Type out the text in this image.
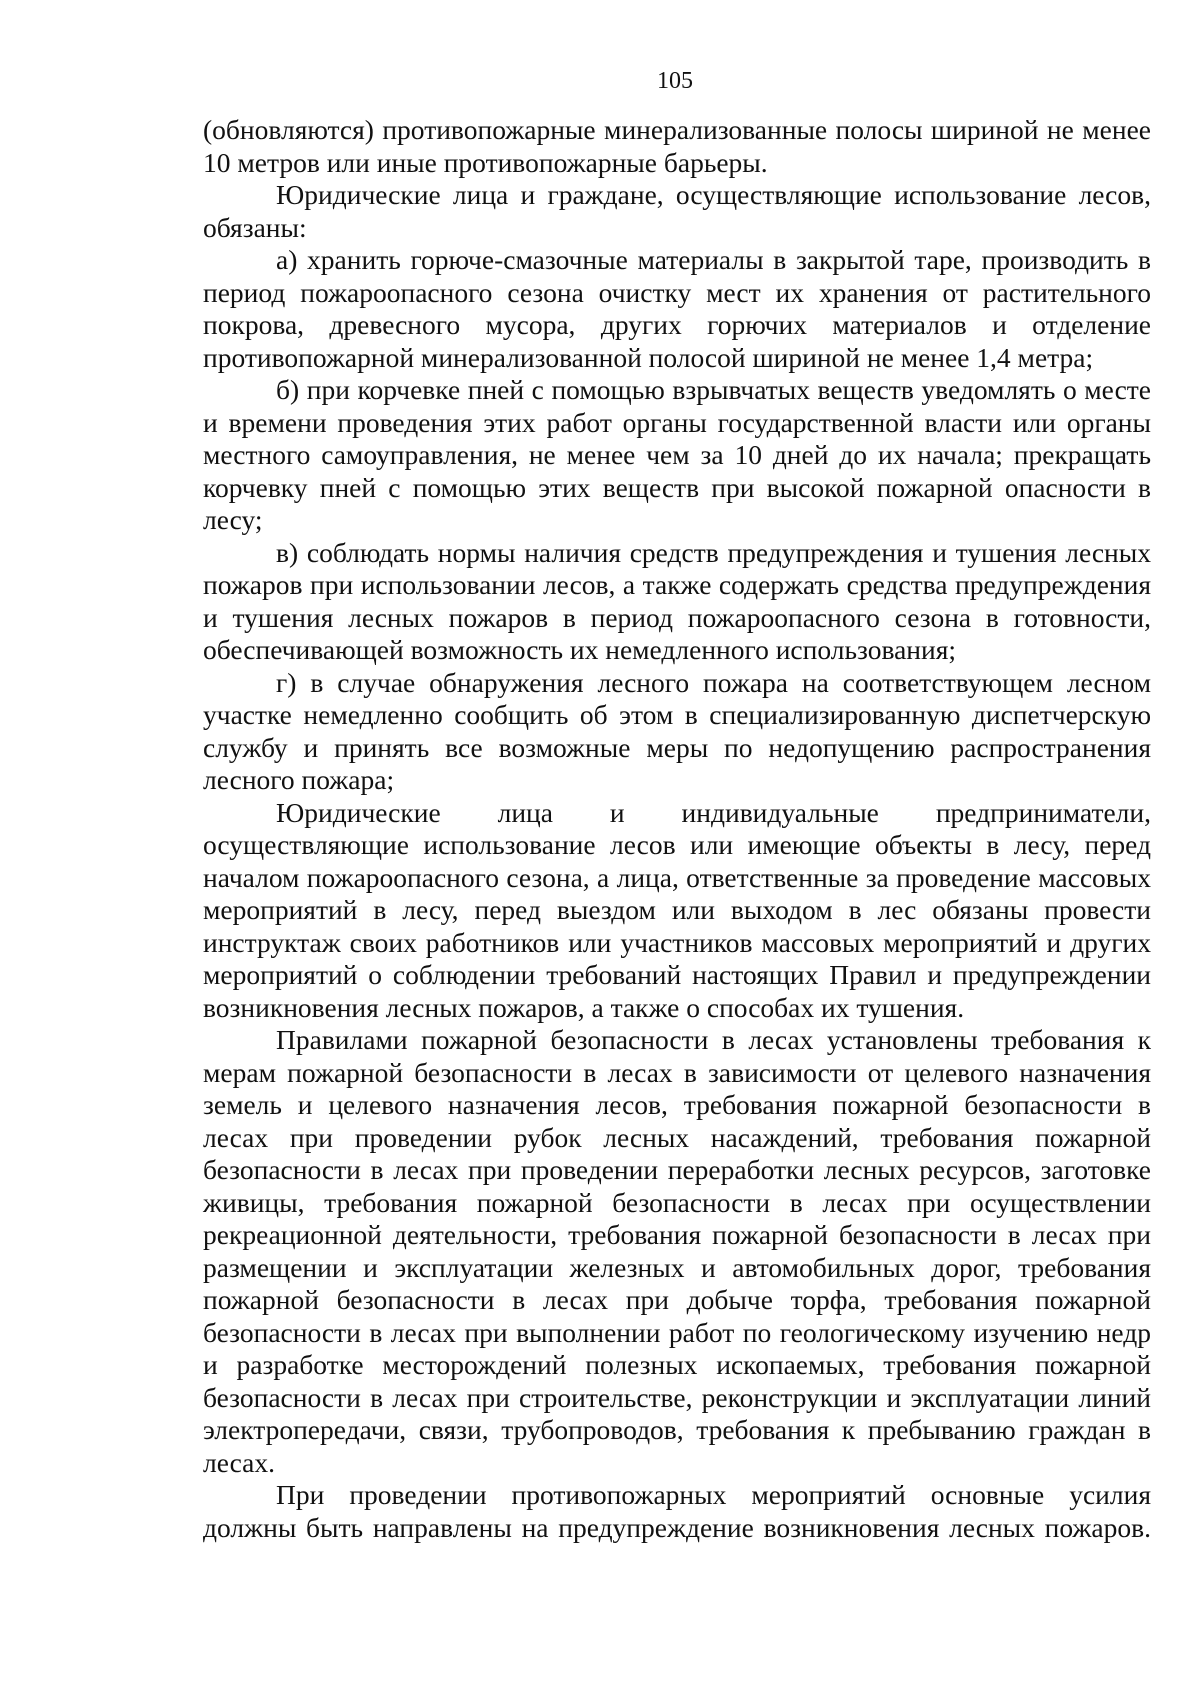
105

(обновляются) противопожарные минерализованные полосы шириной не менее 10 метров или иные противопожарные барьеры.

Юридические лица и граждане, осуществляющие использование лесов, обязаны:

а) хранить горюче-смазочные материалы в закрытой таре, производить в период пожароопасного сезона очистку мест их хранения от растительного покрова, древесного мусора, других горючих материалов и отделение противопожарной минерализованной полосой шириной не менее 1,4 метра;

б) при корчевке пней с помощью взрывчатых веществ уведомлять о месте и времени проведения этих работ органы государственной власти или органы местного самоуправления, не менее чем за 10 дней до их начала; прекращать корчевку пней с помощью этих веществ при высокой пожарной опасности в лесу;

в) соблюдать нормы наличия средств предупреждения и тушения лесных пожаров при использовании лесов, а также содержать средства предупреждения и тушения лесных пожаров в период пожароопасного сезона в готовности, обеспечивающей возможность их немедленного использования;

г) в случае обнаружения лесного пожара на соответствующем лесном участке немедленно сообщить об этом в специализированную диспетчерскую службу и принять все возможные меры по недопущению распространения лесного пожара;

Юридические лица и индивидуальные предприниматели, осуществляющие использование лесов или имеющие объекты в лесу, перед началом пожароопасного сезона, а лица, ответственные за проведение массовых мероприятий в лесу, перед выездом или выходом в лес обязаны провести инструктаж своих работников или участников массовых мероприятий и других мероприятий о соблюдении требований настоящих Правил и предупреждении возникновения лесных пожаров, а также о способах их тушения.

Правилами пожарной безопасности в лесах установлены требования к мерам пожарной безопасности в лесах в зависимости от целевого назначения земель и целевого назначения лесов, требования пожарной безопасности в лесах при проведении рубок лесных насаждений, требования пожарной безопасности в лесах при проведении переработки лесных ресурсов, заготовке живицы, требования пожарной безопасности в лесах при осуществлении рекреационной деятельности, требования пожарной безопасности в лесах при размещении и эксплуатации железных и автомобильных дорог, требования пожарной безопасности в лесах при добыче торфа, требования пожарной безопасности в лесах при выполнении работ по геологическому изучению недр и разработке месторождений полезных ископаемых, требования пожарной безопасности в лесах при строительстве, реконструкции и эксплуатации линий электропередачи, связи, трубопроводов, требования к пребыванию граждан в лесах.

При проведении противопожарных мероприятий основные усилия должны быть направлены на предупреждение возникновения лесных пожаров.
